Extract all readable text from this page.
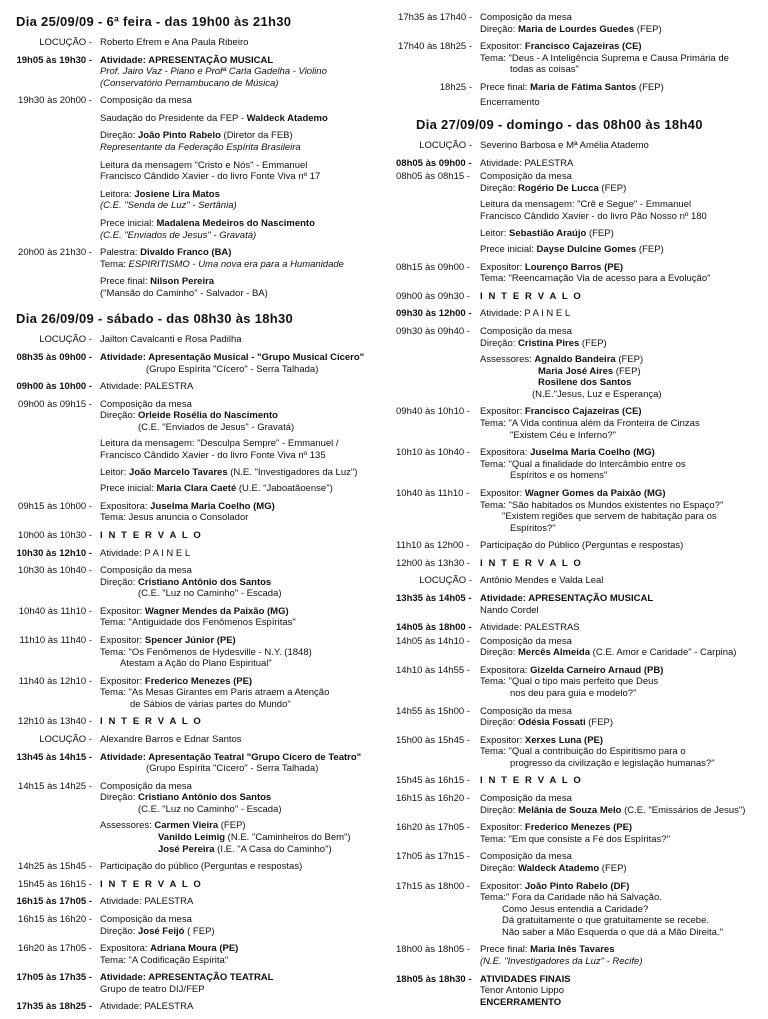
Dia 25/09/09 - 6ª feira - das 19h00 às 21h30
LOCUÇÃO - Roberto Efrem e Ana Paula Ribeiro
19h05 às 19h30 - Atividade: APRESENTAÇÃO MUSICAL
Prof. Jairo Vaz - Piano e Profª Carla Gadelha - Violino
(Conservatório Pernambucano de Música)
19h30 às 20h00 - Composição da mesa
Saudação do Presidente da FEP - Waldeck Atademo
Direção: João Pinto Rabelo (Diretor da FEB)
Representante da Federação Espírita Brasileira
Leitura da mensagem "Cristo e Nós" - Emmanuel
Francisco Cândido Xavier - do livro Fonte Viva nº 17
Leitora: Josiene Lira Matos
(C.E. "Senda de Luz" - Sertânia)
Prece inicial: Madalena Medeiros do Nascimento
(C.E. "Enviados de Jesus" - Gravatá)
20h00 às 21h30 - Palestra: Divaldo Franco (BA)
Tema: ESPIRITISMO - Uma nova era para a Humanidade
Prece final: Nilson Pereira
("Mansão do Caminho" - Salvador - BA)
Dia 26/09/09 - sábado - das 08h30 às 18h30
LOCUÇÃO - Jailton Cavalcanti e Rosa Padilha
08h35 às 09h00 - Atividade: Apresentação Musical - "Grupo Musical Cícero"
(Grupo Espírita "Cícero" - Serra Talhada)
09h00 às 10h00 - Atividade: PALESTRA
09h00 às 09h15 - Composição da mesa
Direção: Orleide Rosélia do Nascimento
(C.E. "Enviados de Jesus" - Gravatá)
Leitura da mensagem: "Desculpa Sempre" - Emmanuel /
Francisco Cândido Xavier - do livro Fonte Viva nº 135
Leitor: João Marcelo Tavares (N.E. "Investigadores da Luz")
Prece inicial: Maria Clara Caeté (U.E. "Jaboatãoense")
09h15 às 10h00 - Expositora: Juselma Maria Coelho (MG)
Tema: Jesus anuncia o Consolador
10h00 às 10h30 - I N T E R V A L O
10h30 às 12h10 - Atividade: P A I N E L
10h30 às 10h40 - Composição da mesa
Direção: Cristiano Antônio dos Santos
(C.E. "Luz no Caminho" - Escada)
10h40 às 11h10 - Expositor: Wagner Mendes da Paixão (MG)
Tema: "Antiguidade dos Fenômenos Espíritas"
11h10 às 11h40 - Expositor: Spencer Júnior (PE)
Tema: "Os Fenômenos de Hydesville - N.Y. (1848)
Atestam a Ação do Plano Espiritual"
11h40 às 12h10 - Expositor: Frederico Menezes (PE)
Tema: "As Mesas Girantes em Paris atraem a Atenção
de Sábios de várias partes do Mundo"
12h10 às 13h40 - I N T E R V A L O
LOCUÇÃO - Alexandre Barros e Ednar Santos
13h45 às 14h15 - Atividade: Apresentação Teatral "Grupo Cícero de Teatro"
(Grupo Espírita "Cícero" - Serra Talhada)
14h15 às 14h25 - Composição da mesa
Direção: Cristiano Antônio dos Santos
(C.E. "Luz no Caminho" - Escada)
Assessores: Carmen Vieira (FEP)
Vanildo Leimig (N.E. "Caminheiros do Bem")
José Pereira (I.E. "A Casa do Caminho")
14h25 às 15h45 - Participação do público (Perguntas e respostas)
15h45 às 16h15 - I N T E R V A L O
16h15 às 17h05 - Atividade: PALESTRA
16h15 às 16h20 - Composição da mesa
Direção: José Feijó ( FEP)
16h20 às 17h05 - Expositora: Adriana Moura (PE)
Tema: "A Codificação Espírita"
17h05 às 17h35 - Atividade: APRESENTAÇÃO TEATRAL
Grupo de teatro DIJ/FEP
17h35 às 18h25 - Atividade: PALESTRA
17h35 às 17h40 - Composição da mesa
Direção: Maria de Lourdes Guedes (FEP)
17h40 às 18h25 - Expositor: Francisco Cajazeiras (CE)
Tema: "Deus - A Inteligência Suprema e Causa Primária de
todas as coisas"
18h25 - Prece final: Maria de Fátima Santos (FEP)
Encerramento
Dia 27/09/09 - domingo - das 08h00 às 18h40
LOCUÇÃO - Severino Barbosa e Mª Amélia Atademo
08h05 às 09h00 - Atividade: PALESTRA
08h05 às 08h15 -	Composição da mesa
Direção: Rogério De Lucca (FEP)
Leitura da mensagem: "Crê e Segue" - Emmanuel
Francisco Cândido Xavier - do livro Pão Nosso nº 180
Leitor: Sebastião Araújo (FEP)
Prece inicial: Dayse Dulcine Gomes (FEP)
08h15 às 09h00 -	Expositor: Lourenço Barros (PE)
Tema: "Reencarnação Via de acesso para a Evolução"
09h00 às 09h30 -	I N T E R V A L O
09h30 às 12h00 - Atividade: P A I N E L
09h30 às 09h40 -	Composição da mesa
Direção: Cristina Pires (FEP)
Assessores: Agnaldo Bandeira (FEP)
Maria José Aires (FEP)
Rosilene dos Santos
(N.E."Jesus, Luz e Esperança)
09h40 às 10h10 -	Expositor: Francisco Cajazeiras (CE)
Tema: "A Vida continua além da Fronteira de Cinzas
"Existem Céu e Inferno?"
10h10 às 10h40 -	Expositora: Juselma Maria Coelho (MG)
Tema: "Qual a finalidade do Intercâmbio entre os
Espíritos e os homens"
10h40 às 11h10 -	Expositor: Wagner Gomes da Paixão (MG)
Tema: "São habitados os Mundos existentes no Espaço?"
"Existem regiões que servem de habitação para os
Espíritos?"
11h10 às 12h00 -	Participação do Público (Perguntas e respostas)
12h00 às 13h30 -	I N T E R V A L O
LOCUÇÃO - Antônio Mendes e Valda Leal
13h35 às 14h05 - Atividade: APRESENTAÇÃO MUSICAL
Nando Cordel
14h05 às 18h00 - Atividade: PALESTRAS
14h05 às 14h10 -	Composição da mesa
Direção: Mercês Almeida (C.E. Amor e Caridade" - Carpina)
14h10 às 14h55 -	Expositora: Gizelda Carneiro Arnaud (PB)
Tema: "Qual o tipo mais perfeito que Deus
nos deu para guia e modelo?"
14h55 às 15h00 -	Composição da mesa
Direção: Odésia Fossati (FEP)
15h00 às 15h45 -	Expositor: Xerxes Luna (PE)
Tema: "Qual a contribuição do Espiritismo para o
progresso da civilização e legislação humanas?"
15h45 às 16h15 -	I N T E R V A L O
16h15 às 16h20 -	Composição da mesa
Direção: Melânia de Souza Melo (C.E. "Emissários de Jesus")
16h20 às 17h05 -	Expositor: Frederico Menezes (PE)
Tema: "Em que consiste a Fé dos Espíritas?"
17h05 às 17h15 -	Composição da mesa
Direção: Waldeck Atademo (FEP)
17h15 às 18h00 -	Expositor: João Pinto Rabelo (DF)
Tema:" Fora da Caridade não há Salvação.
Como Jesus entendia a Caridade?
Dá gratuitamente o que gratuitamente se recebe.
Não saber a Mão Esquerda o que dá a Mão Direita."
18h00 às 18h05 -	Prece final: Maria Inês Tavares
(N.E. "Investigadores da Luz" - Recife)
18h05 às 18h30 - ATIVIDADES FINAIS
Tenor Antonio Lippo
ENCERRAMENTO
